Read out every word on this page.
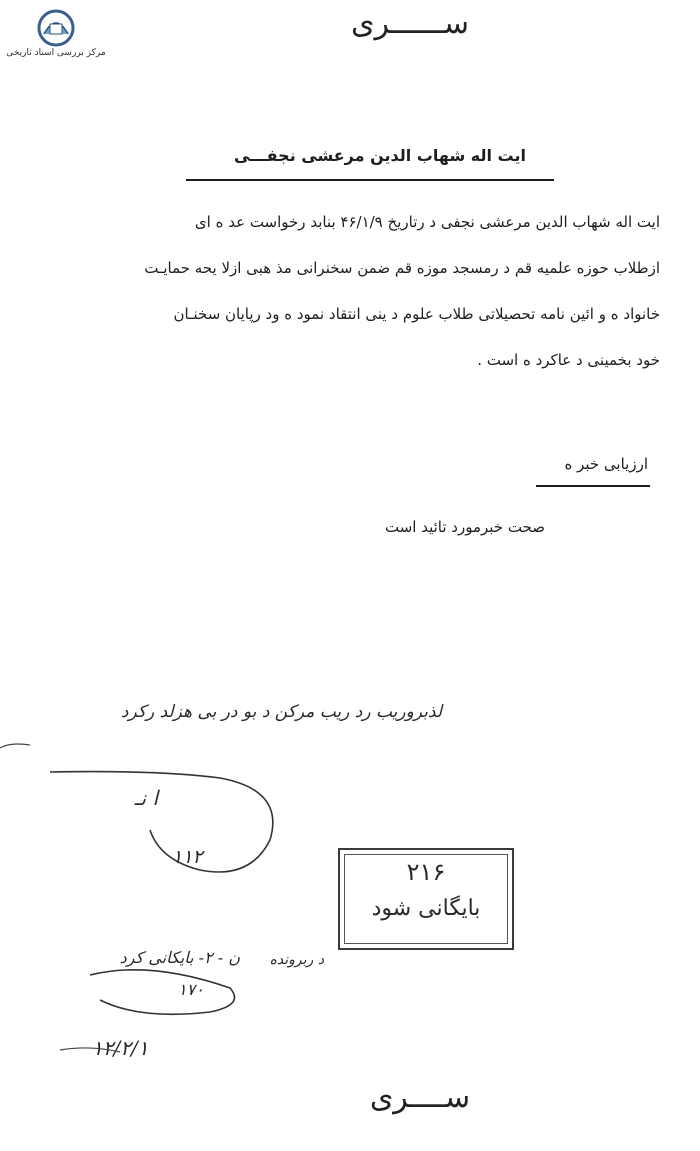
مرکز بررسی اسناد تاریخی
ســــــری
ایت اله شهاب الدین مرعشی نجفـــی
ایت اله شهاب الدین مرعشی نجفی د رتاریخ ۴۶/۱/۹ بنابد رخواست عد ه ای
ازطلاب حوزه علمیه قم د رمسجد موزه قم ضمن سخنرانی مذ هبی ازلا یحه حمایـت
خانواد ه و ائین نامه تحصیلاتی طلاب علوم د ینی انتقاد نمود ه ود رپایان سخنـان
خود بخمینی د عاکرد ه است .
ارزیابی خبر ه
صحت خبرمورد تائید است
لذبروریب رد ریب مرکن د بو در بی هزلد رکرد
ا نـ
۱۱۲
۲۱۶
بایگانی شود
د ربرونده
ن - ۲- بایکانی کرد
۱۷۰
۱۲/۲/۱
ســــری
